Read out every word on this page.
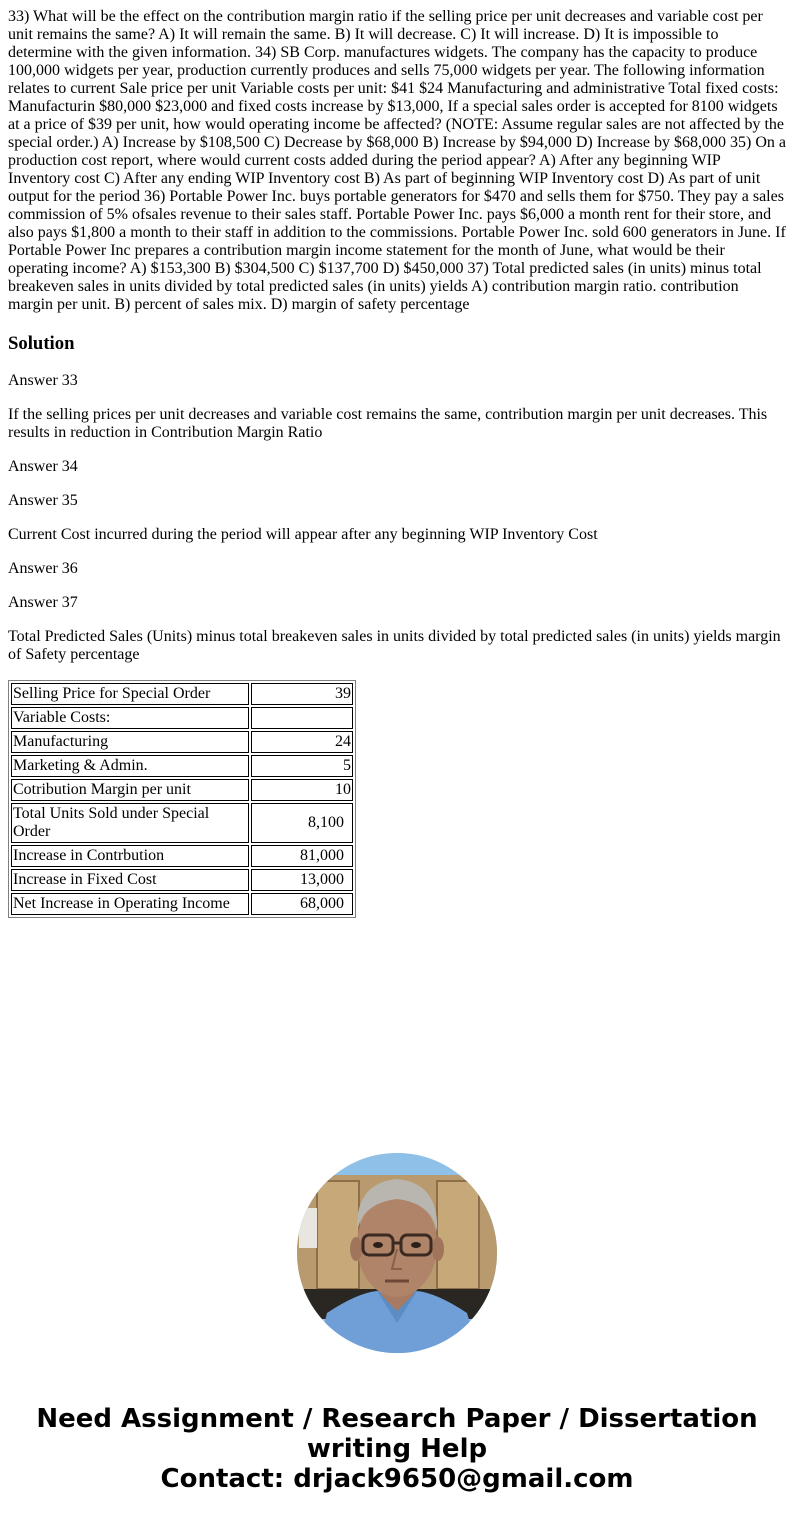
33) What will be the effect on the contribution margin ratio if the selling price per unit decreases and variable cost per unit remains the same? A) It will remain the same. B) It will decrease. C) It will increase. D) It is impossible to determine with the given information. 34) SB Corp. manufactures widgets. The company has the capacity to produce 100,000 widgets per year, production currently produces and sells 75,000 widgets per year. The following information relates to current Sale price per unit Variable costs per unit: $41 $24 Manufacturing and administrative Total fixed costs: Manufacturin $80,000 $23,000 and fixed costs increase by $13,000, If a special sales order is accepted for 8100 widgets at a price of $39 per unit, how would operating income be affected? (NOTE: Assume regular sales are not affected by the special order.) A) Increase by $108,500 C) Decrease by $68,000 B) Increase by $94,000 D) Increase by $68,000 35) On a production cost report, where would current costs added during the period appear? A) After any beginning WIP Inventory cost C) After any ending WIP Inventory cost B) As part of beginning WIP Inventory cost D) As part of unit output for the period 36) Portable Power Inc. buys portable generators for $470 and sells them for $750. They pay a sales commission of 5% ofsales revenue to their sales staff. Portable Power Inc. pays $6,000 a month rent for their store, and also pays $1,800 a month to their staff in addition to the commissions. Portable Power Inc. sold 600 generators in June. If Portable Power Inc prepares a contribution margin income statement for the month of June, what would be their operating income? A) $153,300 B) $304,500 C) $137,700 D) $450,000 37) Total predicted sales (in units) minus total breakeven sales in units divided by total predicted sales (in units) yields A) contribution margin ratio. contribution margin per unit. B) percent of sales mix. D) margin of safety percentage

Solution

Answer 33

If the selling prices per unit decreases and variable cost remains the same, contribution margin per unit decreases. This results in reduction in Contribution Margin Ratio

Answer 34

Answer 35

Current Cost incurred during the period will appear after any beginning WIP Inventory Cost

Answer 36

Answer 37

Total Predicted Sales (Units) minus total breakeven sales in units divided by total predicted sales (in units) yields margin of Safety percentage

Selling Price for Special Order	39
Variable Costs:	
Manufacturing	24
Marketing & Admin.	5
Cotribution Margin per unit	10
Total Units Sold under Special Order	8,100
Increase in Contrbution	81,000
Increase in Fixed Cost	13,000
Net Increase in Operating Income	68,000
Need Assignment / Research Paper / Dissertation
writing Help
Contact: drjack9650@gmail.com
